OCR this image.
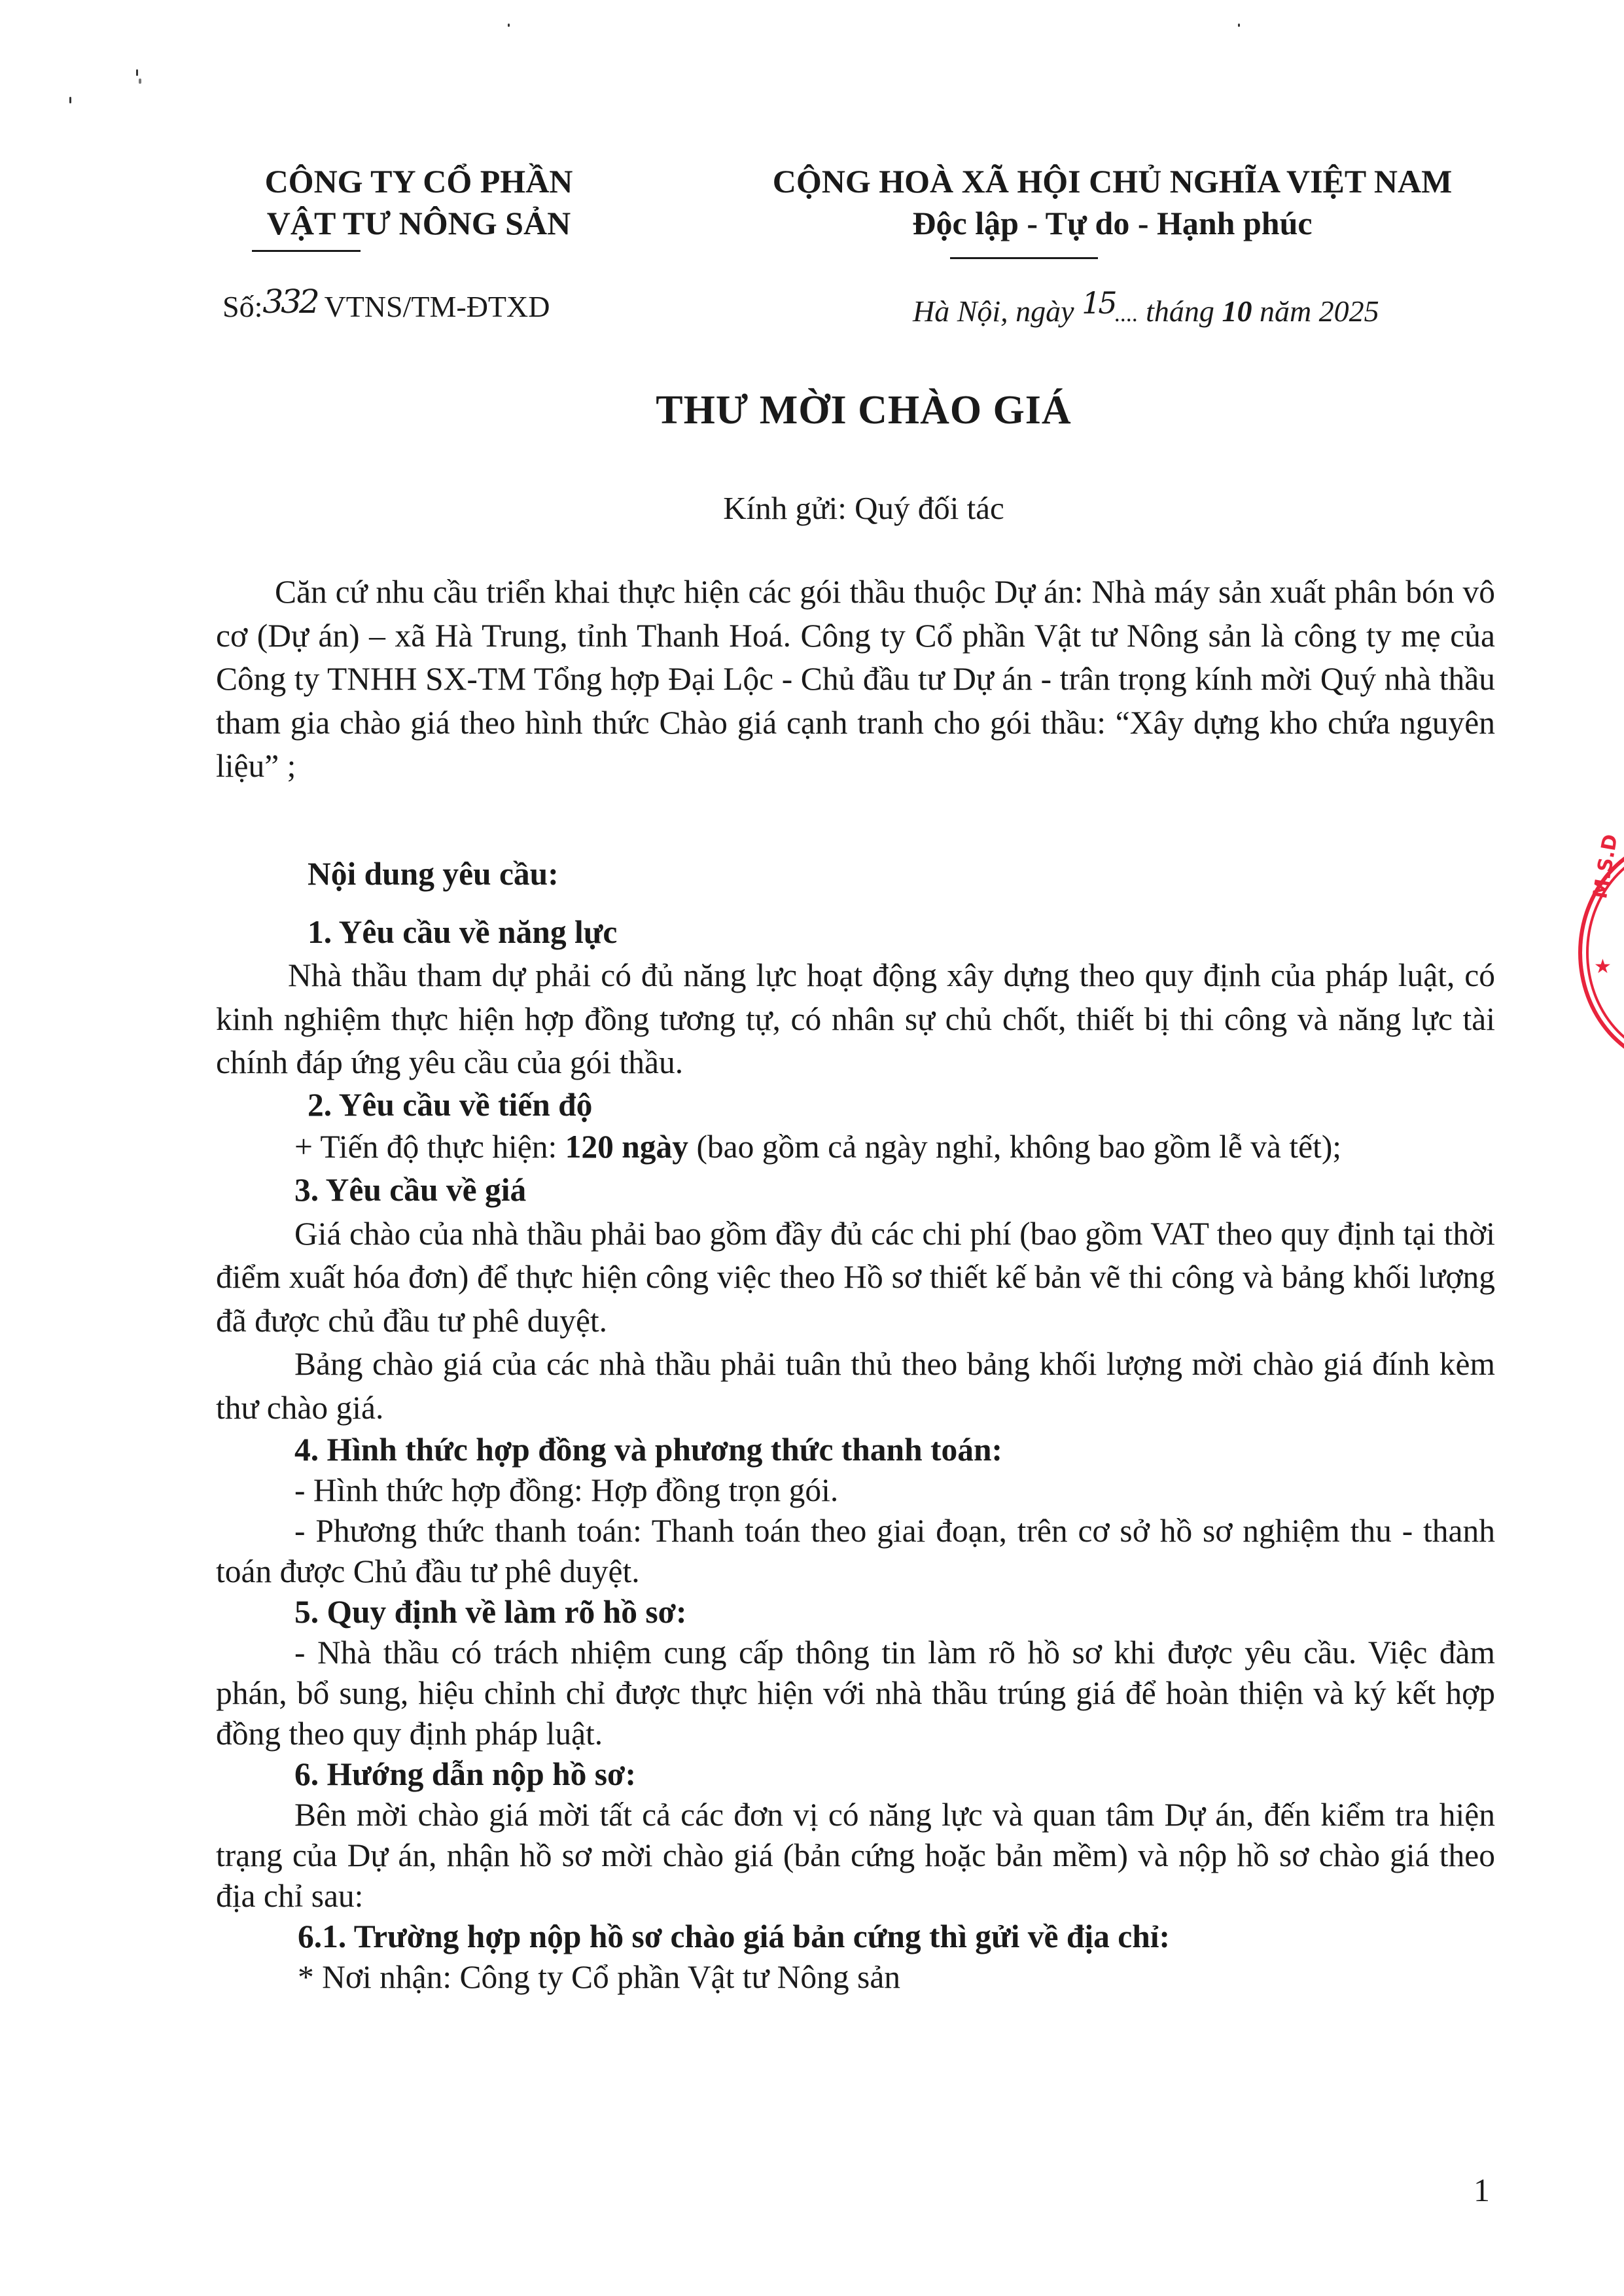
CÔNG TY CỔ PHẦN
VẬT TƯ NÔNG SẢN
CỘNG HOÀ XÃ HỘI CHỦ NGHĨA VIỆT NAM
Độc lập - Tự do - Hạnh phúc
Số:332 VTNS/TM-ĐTXD	Hà Nội, ngày 15.... tháng 10 năm 2025
THƯ MỜI CHÀO GIÁ
Kính gửi: Quý đối tác

Căn cứ nhu cầu triển khai thực hiện các gói thầu thuộc Dự án: Nhà máy sản xuất phân bón vô cơ (Dự án) – xã Hà Trung, tỉnh Thanh Hoá. Công ty Cổ phần Vật tư Nông sản là công ty mẹ của Công ty TNHH SX-TM Tổng hợp Đại Lộc - Chủ đầu tư Dự án - trân trọng kính mời Quý nhà thầu tham gia chào giá theo hình thức Chào giá cạnh tranh cho gói thầu: “Xây dựng kho chứa nguyên liệu” ;

Nội dung yêu cầu:

1. Yêu cầu về năng lực

Nhà thầu tham dự phải có đủ năng lực hoạt động xây dựng theo quy định của pháp luật, có kinh nghiệm thực hiện hợp đồng tương tự, có nhân sự chủ chốt, thiết bị thi công và năng lực tài chính đáp ứng yêu cầu của gói thầu.

2. Yêu cầu về tiến độ

+ Tiến độ thực hiện: 120 ngày (bao gồm cả ngày nghỉ, không bao gồm lễ và tết);

3. Yêu cầu về giá

Giá chào của nhà thầu phải bao gồm đầy đủ các chi phí (bao gồm VAT theo quy định tại thời điểm xuất hóa đơn) để thực hiện công việc theo Hồ sơ thiết kế bản vẽ thi công và bảng khối lượng đã được chủ đầu tư phê duyệt.

Bảng chào giá của các nhà thầu phải tuân thủ theo bảng khối lượng mời chào giá đính kèm thư chào giá.

4. Hình thức hợp đồng và phương thức thanh toán:

- Hình thức hợp đồng: Hợp đồng trọn gói.

- Phương thức thanh toán: Thanh toán theo giai đoạn, trên cơ sở hồ sơ nghiệm thu - thanh toán được Chủ đầu tư phê duyệt.

5. Quy định về làm rõ hồ sơ:

- Nhà thầu có trách nhiệm cung cấp thông tin làm rõ hồ sơ khi được yêu cầu. Việc đàm phán, bổ sung, hiệu chỉnh chỉ được thực hiện với nhà thầu trúng giá để hoàn thiện và ký kết hợp đồng theo quy định pháp luật.

6. Hướng dẫn nộp hồ sơ:

Bên mời chào giá mời tất cả các đơn vị có năng lực và quan tâm Dự án, đến kiểm tra hiện trạng của Dự án, nhận hồ sơ mời chào giá (bản cứng hoặc bản mềm) và nộp hồ sơ chào giá theo địa chỉ sau:

6.1. Trường hợp nộp hồ sơ chào giá bản cứng thì gửi về địa chỉ:

* Nơi nhận: Công ty Cổ phần Vật tư Nông sản

★
M.S.D
1
